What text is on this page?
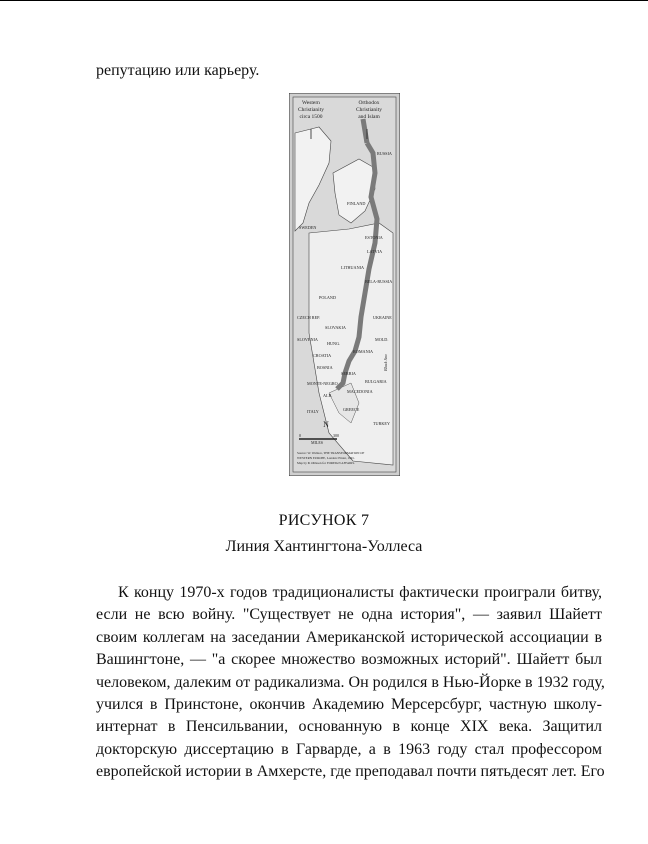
репутацию или карьеру.
Western
Christianity
circa 1500
Orthodox
Christianity
and Islam
RUSSIA
FINLAND
SWEDEN
ESTONIA
LATVIA
LITHUANIA
BELA-RUSSIA
POLAND
UKRAINE
CZECH REP.
SLOVAKIA
MOLD.
SLOVENIA
HUNG.
ROMANIA
CROATIA
BOSNIA
SERBIA
MONTE-NEGRO	BULGARIA
MACEDONIA
ALB.
ITALY	GREECE
TURKEY
Black Sea
N
0	300
MILES
Source: W. Wallace, THE TRANSFORMATION OF
WESTERN EUROPE, London: Pinter, 1991.
Map by Ib Ohlsson for FOREIGN AFFAIRS.
РИСУНОК 7
Линия Хантингтона-Уоллеса
К концу 1970-х годов традиционалисты фактически проиграли битву,
если не всю войну. "Существует не одна история", — заявил Шайетт
своим коллегам на заседании Американской исторической ассоциации в
Вашингтоне, — "а скорее множество возможных историй". Шайетт был
человеком, далеким от радикализма. Он родился в Нью-Йорке в 1932 году,
учился в Принстоне, окончив Академию Мерсерсбург, частную школу-
интернат в Пенсильвании, основанную в конце XIX века. Защитил
докторскую диссертацию в Гарварде, а в 1963 году стал профессором
европейской истории в Амхерсте, где преподавал почти пятьдесят лет. Его
